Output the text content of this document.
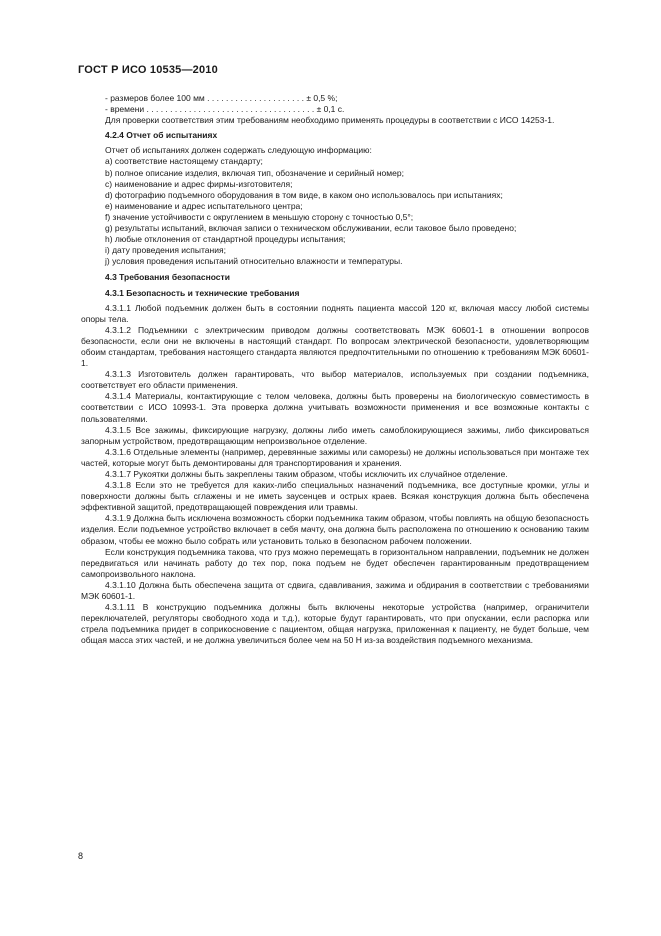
ГОСТ Р ИСО 10535—2010

- размеров более 100 мм . . . . . . . . . . . . . . . . . . . . . ± 0,5 %;

- времени . . . . . . . . . . . . . . . . . . . . . . . . . . . . . . . . . . . . ± 0,1 с.

Для проверки соответствия этим требованиям необходимо применять процедуры в соответствии с ИСО 14253-1.

4.2.4 Отчет об испытаниях

Отчет об испытаниях должен содержать следующую информацию:

a) соответствие настоящему стандарту;

b) полное описание изделия, включая тип, обозначение и серийный номер;

c) наименование и адрес фирмы-изготовителя;

d) фотографию подъемного оборудования в том виде, в каком оно использовалось при испытаниях;

e) наименование и адрес испытательного центра;

f) значение устойчивости с округлением в меньшую сторону с точностью 0,5°;

g) результаты испытаний, включая записи о техническом обслуживании, если таковое было проведено;

h) любые отклонения от стандартной процедуры испытания;

i) дату проведения испытания;

j) условия проведения испытаний относительно влажности и температуры.

4.3 Требования безопасности

4.3.1 Безопасность и технические требования

4.3.1.1 Любой подъемник должен быть в состоянии поднять пациента массой 120 кг, включая массу любой системы опоры тела.

4.3.1.2 Подъемники с электрическим приводом должны соответствовать МЭК 60601-1 в отношении вопросов безопасности, если они не включены в настоящий стандарт. По вопросам электрической безопасности, удовлетворяющим обоим стандартам, требования настоящего стандарта являются предпочтительными по отношению к требованиям МЭК 60601-1.

4.3.1.3 Изготовитель должен гарантировать, что выбор материалов, используемых при создании подъемника, соответствует его области применения.

4.3.1.4 Материалы, контактирующие с телом человека, должны быть проверены на биологическую совместимость в соответствии с ИСО 10993-1. Эта проверка должна учитывать возможности применения и все возможные контакты с пользователями.

4.3.1.5 Все зажимы, фиксирующие нагрузку, должны либо иметь самоблокирующиеся зажимы, либо фиксироваться запорным устройством, предотвращающим непроизвольное отделение.

4.3.1.6 Отдельные элементы (например, деревянные зажимы или саморезы) не должны использоваться при монтаже тех частей, которые могут быть демонтированы для транспортирования и хранения.

4.3.1.7 Рукоятки должны быть закреплены таким образом, чтобы исключить их случайное отделение.

4.3.1.8 Если это не требуется для каких-либо специальных назначений подъемника, все доступные кромки, углы и поверхности должны быть сглажены и не иметь заусенцев и острых краев. Всякая конструкция должна быть обеспечена эффективной защитой, предотвращающей повреждения или травмы.

4.3.1.9 Должна быть исключена возможность сборки подъемника таким образом, чтобы повлиять на общую безопасность изделия. Если подъемное устройство включает в себя мачту, она должна быть расположена по отношению к основанию таким образом, чтобы ее можно было собрать или установить только в безопасном рабочем положении.

Если конструкция подъемника такова, что груз можно перемещать в горизонтальном направлении, подъемник не должен передвигаться или начинать работу до тех пор, пока подъем не будет обеспечен гарантированным предотвращением самопроизвольного наклона.

4.3.1.10 Должна быть обеспечена защита от сдвига, сдавливания, зажима и обдирания в соответствии с требованиями МЭК 60601-1.

4.3.1.11 В конструкцию подъемника должны быть включены некоторые устройства (например, ограничители переключателей, регуляторы свободного хода и т.д.), которые будут гарантировать, что при опускании, если распорка или стрела подъемника придет в соприкосновение с пациентом, общая нагрузка, приложенная к пациенту, не будет больше, чем общая масса этих частей, и не должна увеличиться более чем на 50 Н из-за воздействия подъемного механизма.

8
